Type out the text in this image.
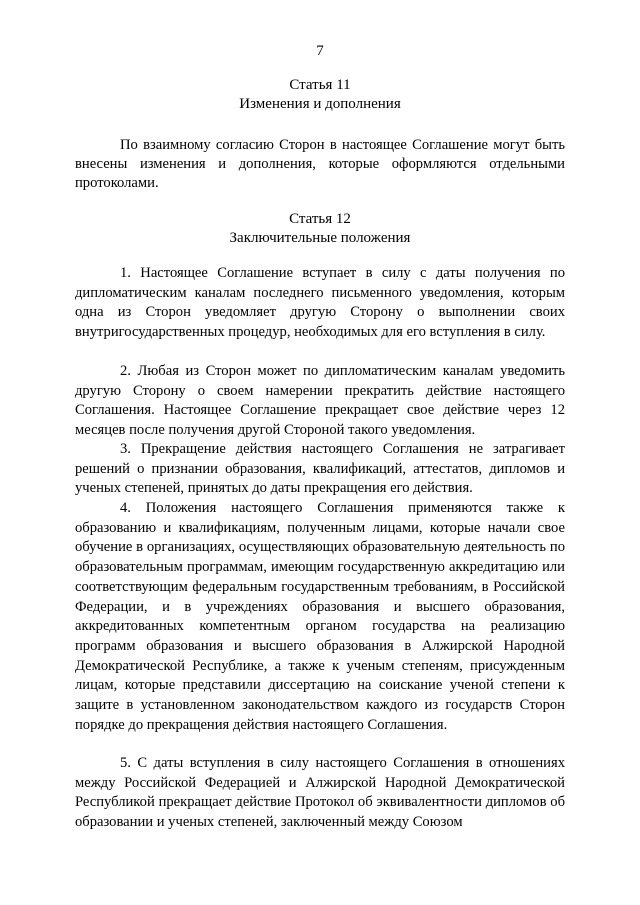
7
Статья 11
Изменения и дополнения

По взаимному согласию Сторон в настоящее Соглашение могут быть внесены изменения и дополнения, которые оформляются отдельными протоколами.

Статья 12
Заключительные положения

1. Настоящее Соглашение вступает в силу с даты получения по дипломатическим каналам последнего письменного уведомления, которым одна из Сторон уведомляет другую Сторону о выполнении своих внутригосударственных процедур, необходимых для его вступления в силу.

2. Любая из Сторон может по дипломатическим каналам уведомить другую Сторону о своем намерении прекратить действие настоящего Соглашения. Настоящее Соглашение прекращает свое действие через 12 месяцев после получения другой Стороной такого уведомления.

3. Прекращение действия настоящего Соглашения не затрагивает решений о признании образования, квалификаций, аттестатов, дипломов и ученых степеней, принятых до даты прекращения его действия.

4. Положения настоящего Соглашения применяются также к образованию и квалификациям, полученным лицами, которые начали свое обучение в организациях, осуществляющих образовательную деятельность по образовательным программам, имеющим государственную аккредитацию или соответствующим федеральным государственным требованиям, в Российской Федерации, и в учреждениях образования и высшего образования, аккредитованных компетентным органом государства на реализацию программ образования и высшего образования в Алжирской Народной Демократической Республике, а также к ученым степеням, присужденным лицам, которые представили диссертацию на соискание ученой степени к защите в установленном законодательством каждого из государств Сторон порядке до прекращения действия настоящего Соглашения.

5. С даты вступления в силу настоящего Соглашения в отношениях между Российской Федерацией и Алжирской Народной Демократической Республикой прекращает действие Протокол об эквивалентности дипломов об образовании и ученых степеней, заключенный между Союзом
